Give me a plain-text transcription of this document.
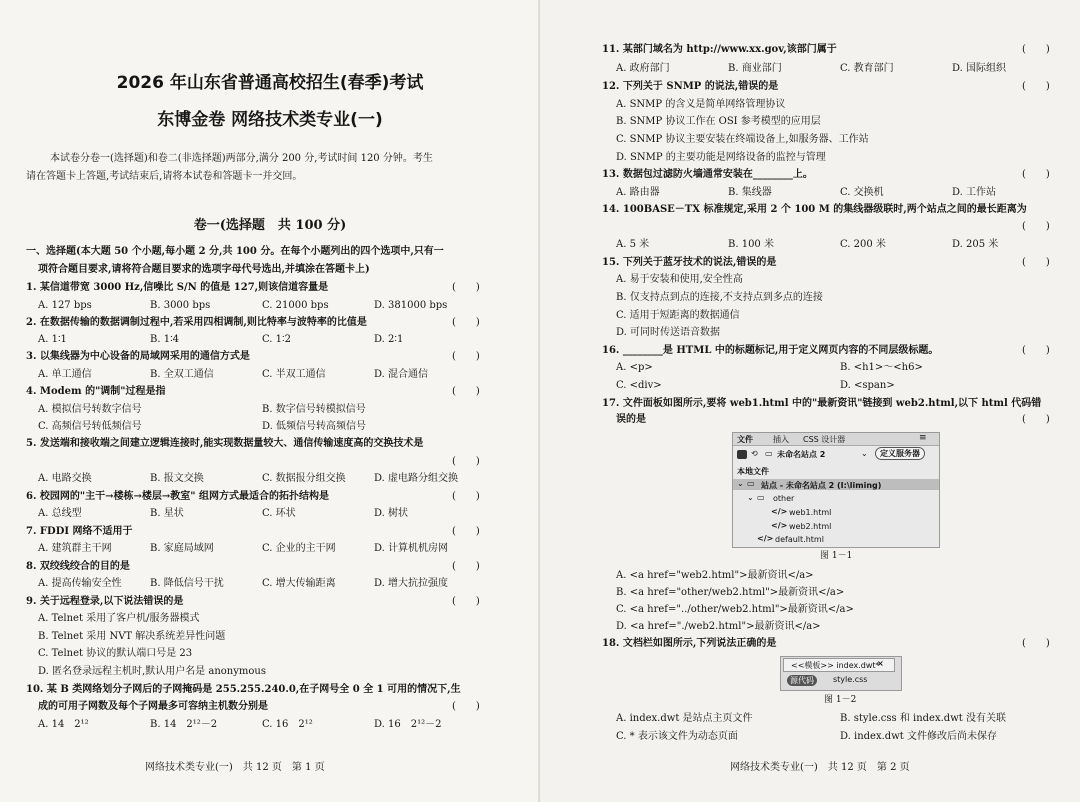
2026 年山东省普通高校招生(春季)考试
东博金卷 网络技术类专业(一)
本试卷分卷一(选择题)和卷二(非选择题)两部分,满分 200 分,考试时间 120 分钟。考生
请在答题卡上答题,考试结束后,请将本试卷和答题卡一并交回。
卷一(选择题　共 100 分)
一、选择题(本大题 50 个小题,每小题 2 分,共 100 分。在每个小题列出的四个选项中,只有一
项符合题目要求,请将符合题目要求的选项字母代号选出,并填涂在答题卡上)
网络技术类专业(一)　共 12 页　第 1 页
文件	插入 CSS 设计器	≡
⟲ ▭ 未命名站点 2	⌄	定义服务器
本地文件
⌄ ▭ 站点 - 未命名站点 2 (I:\liming)
⌄ ▭ other
</> web1.html
</> web2.html
</> default.html
图 1－1
<<模板>> index.dwt*
×
源代码	style.css
图 1－2
网络技术类专业(一)　共 12 页　第 2 页
1. 某信道带宽 3000 Hz,信噪比 S/N 的值是 127,则该信道容量是	(　　)
A. 127 bps	B. 3000 bps	C. 21000 bps	D. 381000 bps
2. 在数据传输的数据调制过程中,若采用四相调制,则比特率与波特率的比值是	(　　)
A. 1∶1	B. 1∶4	C. 1∶2	D. 2∶1
3. 以集线器为中心设备的局域网采用的通信方式是	(　　)
A. 单工通信	B. 全双工通信	C. 半双工通信	D. 混合通信
4. Modem 的"调制"过程是指	(　　)
A. 模拟信号转数字信号	B. 数字信号转模拟信号
C. 高频信号转低频信号	D. 低频信号转高频信号
5. 发送端和接收端之间建立逻辑连接时,能实现数据量较大、通信传输速度高的交换技术是
(　　)
A. 电路交换	B. 报文交换	C. 数据报分组交换	D. 虚电路分组交换
6. 校园网的"主干→楼栋→楼层→教室" 组网方式最适合的拓扑结构是	(　　)
A. 总线型	B. 星状	C. 环状	D. 树状
7. FDDI 网络不适用于	(　　)
A. 建筑群主干网	B. 家庭局域网	C. 企业的主干网	D. 计算机机房网
8. 双绞线绞合的目的是	(　　)
A. 提高传输安全性	B. 降低信号干扰	C. 增大传输距离	D. 增大抗拉强度
9. 关于远程登录,以下说法错误的是	(　　)
A. Telnet 采用了客户机/服务器模式
B. Telnet 采用 NVT 解决系统差异性问题
C. Telnet 协议的默认端口号是 23
D. 匿名登录远程主机时,默认用户名是 anonymous
10. 某 B 类网络划分子网后的子网掩码是 255.255.240.0,在子网号全 0 全 1 可用的情况下,生
成的可用子网数及每个子网最多可容纳主机数分别是	(　　)
A. 14　2¹²	B. 14　2¹²－2	C. 16　2¹²	D. 16　2¹²－2
11. 某部门域名为 http://www.xx.gov,该部门属于	(　　)
A. 政府部门	B. 商业部门	C. 教育部门	D. 国际组织
12. 下列关于 SNMP 的说法,错误的是	(　　)
A. SNMP 的含义是简单网络管理协议
B. SNMP 协议工作在 OSI 参考模型的应用层
C. SNMP 协议主要安装在终端设备上,如服务器、工作站
D. SNMP 的主要功能是网络设备的监控与管理
13. 数据包过滤防火墙通常安装在________上。	(　　)
A. 路由器	B. 集线器	C. 交换机	D. 工作站
14. 100BASE－TX 标准规定,采用 2 个 100 M 的集线器级联时,两个站点之间的最长距离为
(　　)
A. 5 米	B. 100 米	C. 200 米	D. 205 米
15. 下列关于蓝牙技术的说法,错误的是	(　　)
A. 易于安装和使用,安全性高
B. 仅支持点到点的连接,不支持点到多点的连接
C. 适用于短距离的数据通信
D. 可同时传送语音数据
16. ________是 HTML 中的标题标记,用于定义网页内容的不同层级标题。	(　　)
A. <p>	B. <h1>～<h6>
C. <div>	D. <span>
17. 文件面板如图所示,要将 web1.html 中的"最新资讯"链接到 web2.html,以下 html 代码错
误的是	(　　)
A. <a href="web2.html">最新资讯</a>
B. <a href="other/web2.html">最新资讯</a>
C. <a href="../other/web2.html">最新资讯</a>
D. <a href="./web2.html">最新资讯</a>
18. 文档栏如图所示,下列说法正确的是	(　　)
A. index.dwt 是站点主页文件	B. style.css 和 index.dwt 没有关联
C. * 表示该文件为动态页面	D. index.dwt 文件修改后尚未保存
